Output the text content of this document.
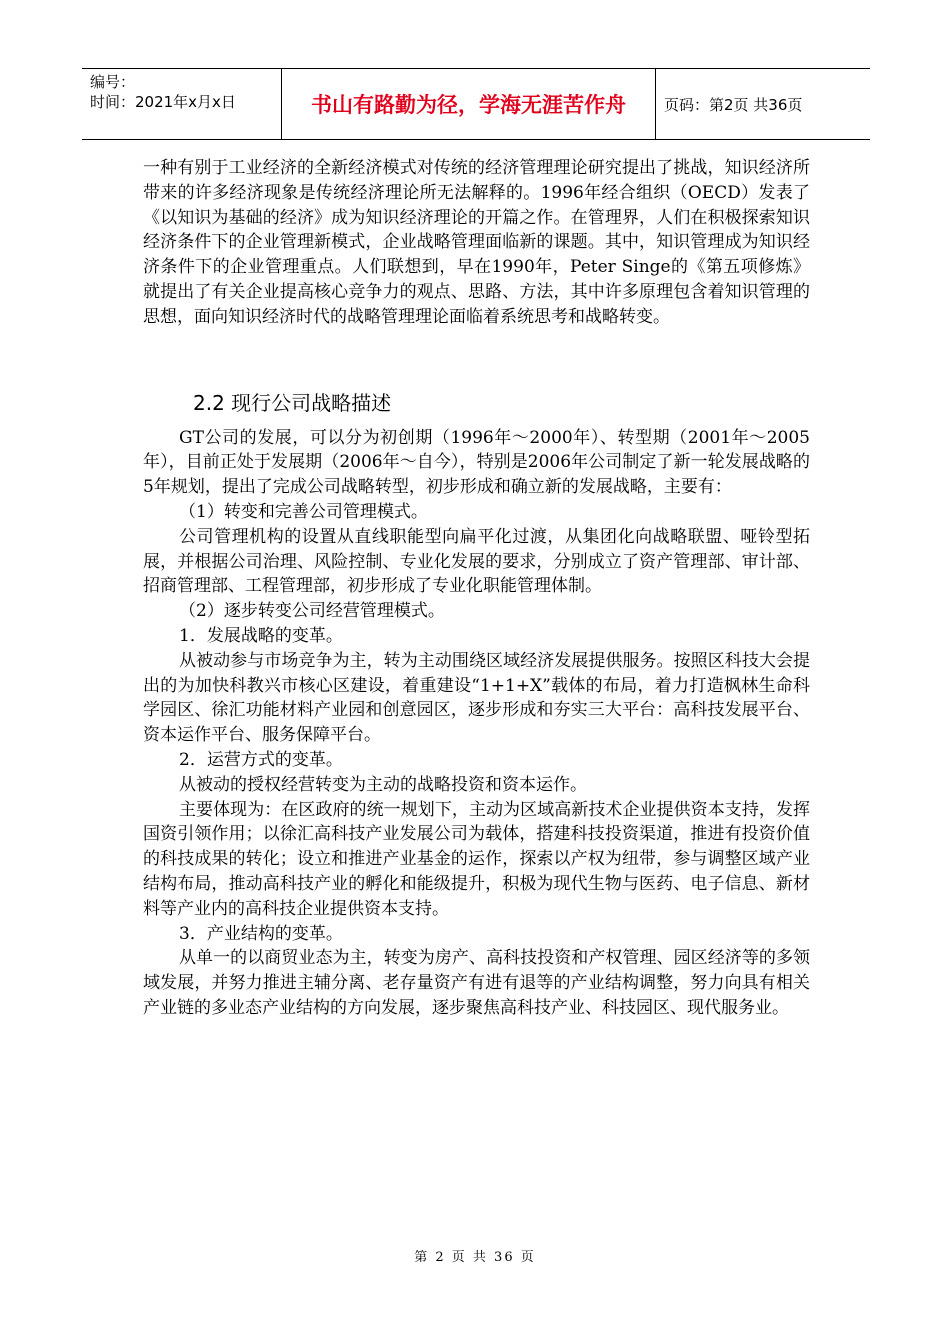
编号：
时间：2021年x月x日	书山有路勤为径，学海无涯苦作舟	页码：第2页 共36页

一种有别于工业经济的全新经济模式对传统的经济管理理论研究提出了挑战，知识经济所带来的许多经济现象是传统经济理论所无法解释的。1996年经合组织（OECD）发表了《以知识为基础的经济》成为知识经济理论的开篇之作。在管理界，人们在积极探索知识经济条件下的企业管理新模式，企业战略管理面临新的课题。其中，知识管理成为知识经济条件下的企业管理重点。人们联想到，早在1990年，Peter Singe的《第五项修炼》就提出了有关企业提高核心竞争力的观点、思路、方法，其中许多原理包含着知识管理的思想，面向知识经济时代的战略管理理论面临着系统思考和战略转变。

2.2 现行公司战略描述

GT公司的发展，可以分为初创期（1996年～2000年）、转型期（2001年～2005年），目前正处于发展期（2006年～自今），特别是2006年公司制定了新一轮发展战略的5年规划，提出了完成公司战略转型，初步形成和确立新的发展战略，主要有：

（1）转变和完善公司管理模式。

公司管理机构的设置从直线职能型向扁平化过渡，从集团化向战略联盟、哑铃型拓展，并根据公司治理、风险控制、专业化发展的要求，分别成立了资产管理部、审计部、招商管理部、工程管理部，初步形成了专业化职能管理体制。

（2）逐步转变公司经营管理模式。

1．发展战略的变革。

从被动参与市场竞争为主，转为主动围绕区域经济发展提供服务。按照区科技大会提出的为加快科教兴市核心区建设，着重建设“1+1+X”载体的布局，着力打造枫林生命科学园区、徐汇功能材料产业园和创意园区，逐步形成和夯实三大平台：高科技发展平台、资本运作平台、服务保障平台。

2．运营方式的变革。

从被动的授权经营转变为主动的战略投资和资本运作。

主要体现为：在区政府的统一规划下，主动为区域高新技术企业提供资本支持，发挥国资引领作用；以徐汇高科技产业发展公司为载体，搭建科技投资渠道，推进有投资价值的科技成果的转化；设立和推进产业基金的运作，探索以产权为纽带，参与调整区域产业结构布局，推动高科技产业的孵化和能级提升，积极为现代生物与医药、电子信息、新材料等产业内的高科技企业提供资本支持。

3．产业结构的变革。

从单一的以商贸业态为主，转变为房产、高科技投资和产权管理、园区经济等的多领域发展，并努力推进主辅分离、老存量资产有进有退等的产业结构调整，努力向具有相关产业链的多业态产业结构的方向发展，逐步聚焦高科技产业、科技园区、现代服务业。

第 2 页 共 36 页
